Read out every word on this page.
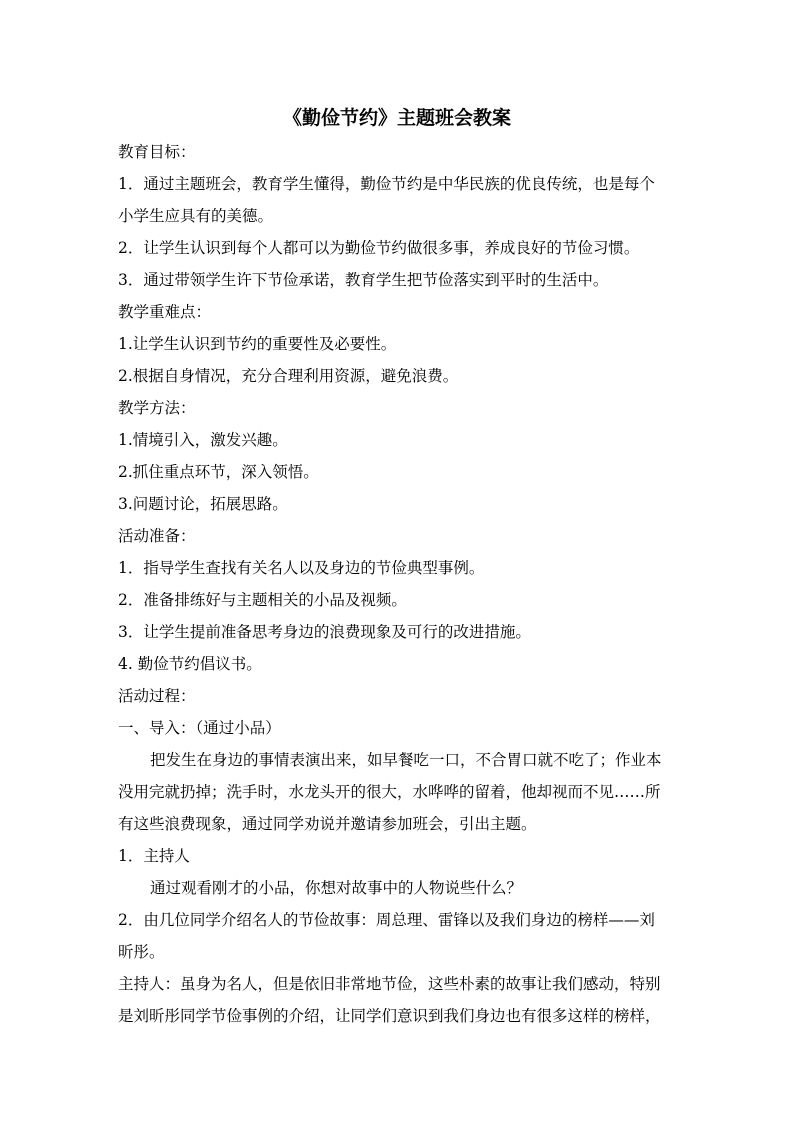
《勤俭节约》主题班会教案
教育目标：
1．通过主题班会，教育学生懂得，勤俭节约是中华民族的优良传统，也是每个
小学生应具有的美德。
2．让学生认识到每个人都可以为勤俭节约做很多事，养成良好的节俭习惯。
3．通过带领学生许下节俭承诺，教育学生把节俭落实到平时的生活中。
教学重难点：
1.让学生认识到节约的重要性及必要性。
2.根据自身情况，充分合理利用资源，避免浪费。
教学方法：
1.情境引入，激发兴趣。
2.抓住重点环节，深入领悟。
3.问题讨论，拓展思路。
活动准备：
1．指导学生查找有关名人以及身边的节俭典型事例。
2．准备排练好与主题相关的小品及视频。
3．让学生提前准备思考身边的浪费现象及可行的改进措施。
4. 勤俭节约倡议书。
活动过程：
一、导入：（通过小品）
把发生在身边的事情表演出来，如早餐吃一口，不合胃口就不吃了；作业本
没用完就扔掉；洗手时，水龙头开的很大，水哗哗的留着，他却视而不见……所
有这些浪费现象，通过同学劝说并邀请参加班会，引出主题。
1．主持人
通过观看刚才的小品，你想对故事中的人物说些什么？
2．由几位同学介绍名人的节俭故事：周总理、雷锋以及我们身边的榜样——刘
昕彤。
主持人：虽身为名人，但是依旧非常地节俭，这些朴素的故事让我们感动，特别
是刘昕彤同学节俭事例的介绍，让同学们意识到我们身边也有很多这样的榜样，
